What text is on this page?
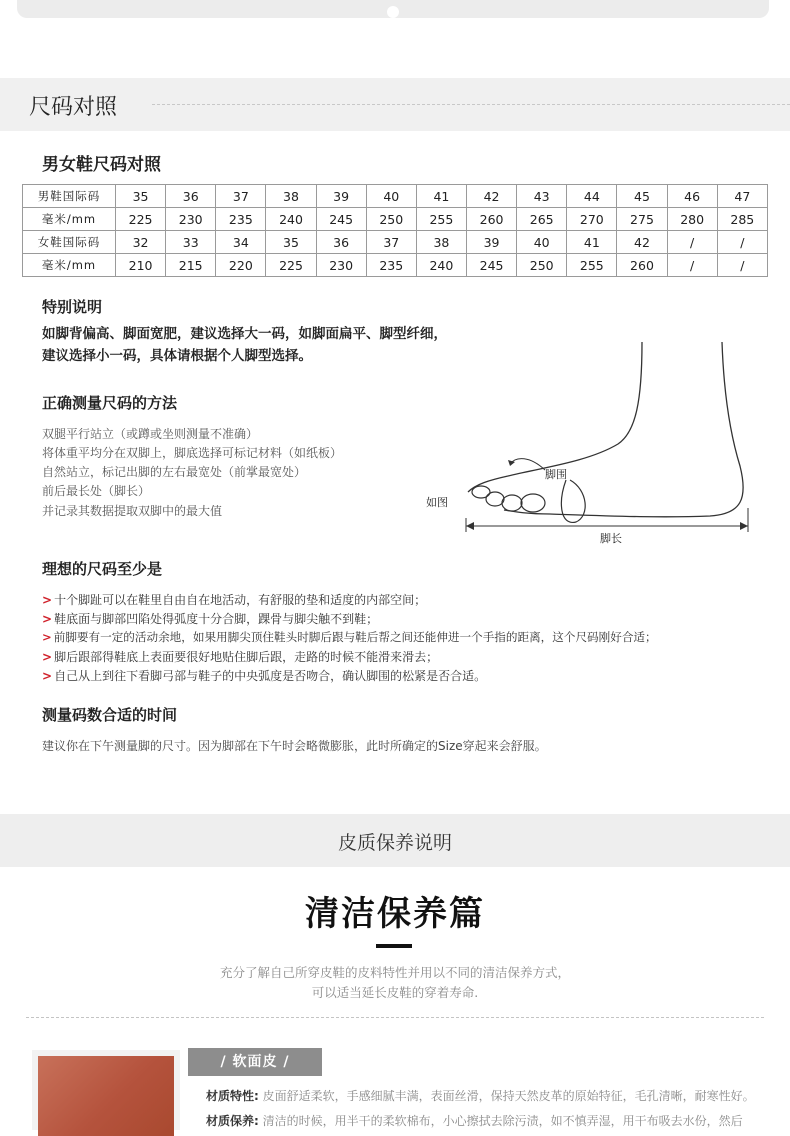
尺码对照
男女鞋尺码对照
男鞋国际码	35	36	37	38	39	40	41	42	43	44	45	46	47
毫米/mm	225	230	235	240	245	250	255	260	265	270	275	280	285
女鞋国际码	32	33	34	35	36	37	38	39	40	41	42	/	/
毫米/mm	210	215	220	225	230	235	240	245	250	255	260	/	/
特别说明
如脚背偏高、脚面宽肥，建议选择大一码，如脚面扁平、脚型纤细，
建议选择小一码，具体请根据个人脚型选择。
正确测量尺码的方法
双腿平行站立（或蹲或坐则测量不准确）
将体重平均分在双脚上，脚底选择可标记材料（如纸板）
自然站立，标记出脚的左右最宽处（前掌最宽处）
前后最长处（脚长）
并记录其数据提取双脚中的最大值
脚围
如图
脚长
理想的尺码至少是
> 十个脚趾可以在鞋里自由自在地活动，有舒服的垫和适度的内部空间；
> 鞋底面与脚部凹陷处得弧度十分合脚，踝骨与脚尖触不到鞋；
> 前脚要有一定的活动余地，如果用脚尖顶住鞋头时脚后跟与鞋后帮之间还能伸进一个手指的距离，这个尺码刚好合适；
> 脚后跟部得鞋底上表面要很好地贴住脚后跟，走路的时候不能滑来滑去；
> 自己从上到往下看脚弓部与鞋子的中央弧度是否吻合，确认脚围的松紧是否合适。
测量码数合适的时间
建议你在下午测量脚的尺寸。因为脚部在下午时会略微膨胀，此时所确定的Size穿起来会舒服。
皮质保养说明
清洁保养篇
充分了解自己所穿皮鞋的皮料特性并用以不同的清洁保养方式，
可以适当延长皮鞋的穿着寿命.
/ 软面皮 /
材质特性: 皮面舒适柔软，手感细腻丰满，表面丝滑，保持天然皮革的原始特征，毛孔清晰，耐寒性好。
材质保养: 清洁的时候，用半干的柔软棉布，小心擦拭去除污渍，如不慎弄湿，用干布吸去水份，然后
